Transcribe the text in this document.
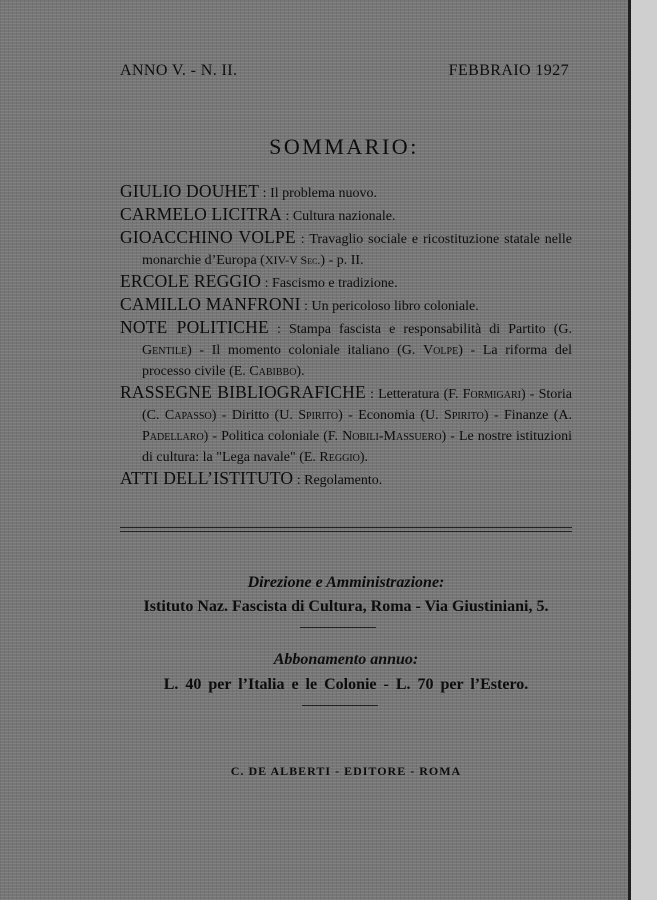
ANNO V. - N. II.	FEBBRAIO 1927
SOMMARIO:
GIULIO DOUHET : Il problema nuovo.
CARMELO LICITRA : Cultura nazionale.
GIOACCHINO VOLPE : Travaglio sociale e ricostituzione statale nelle monarchie d’Europa (XIV-V Sec.) - p. II.
ERCOLE REGGIO : Fascismo e tradizione.
CAMILLO MANFRONI : Un pericoloso libro coloniale.
NOTE POLITICHE : Stampa fascista e responsabilità di Partito (G. Gentile) - Il momento coloniale italiano (G. Volpe) - La riforma del processo civile (E. Cabibbo).
RASSEGNE BIBLIOGRAFICHE : Letteratura (F. Formigari) - Storia (C. Capasso) - Diritto (U. Spirito) - Economia (U. Spirito) - Finanze (A. Padellaro) - Politica coloniale (F. Nobili-Massuero) - Le nostre istituzioni di cultura: la "Lega navale" (E. Reggio).
ATTI DELL’ISTITUTO : Regolamento.
Direzione e Amministrazione:
Istituto Naz. Fascista di Cultura, Roma - Via Giustiniani, 5.
Abbonamento annuo:
L. 40 per l’Italia e le Colonie - L. 70 per l’Estero.
C. DE ALBERTI - EDITORE - ROMA
